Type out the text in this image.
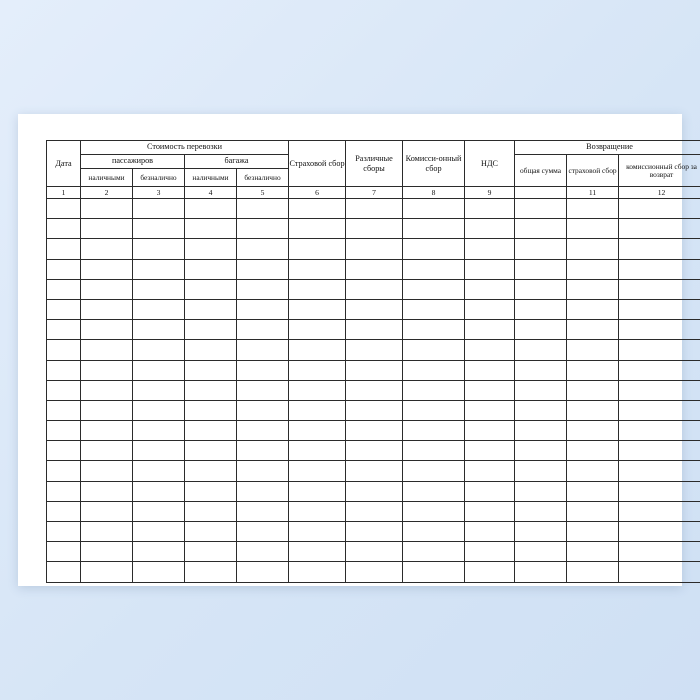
Дата	Стоимость перевозки				Страховой сбор	Различные сборы	Комисси-онный сбор	НДС	Возвращение		
	пассажиров		багажа						общая сумма	страховой сбор	комиссионный сбор за возврат
	наличными	безналично	наличными	безналично							
1	2	3	4	5	6	7	8	9		11	12
